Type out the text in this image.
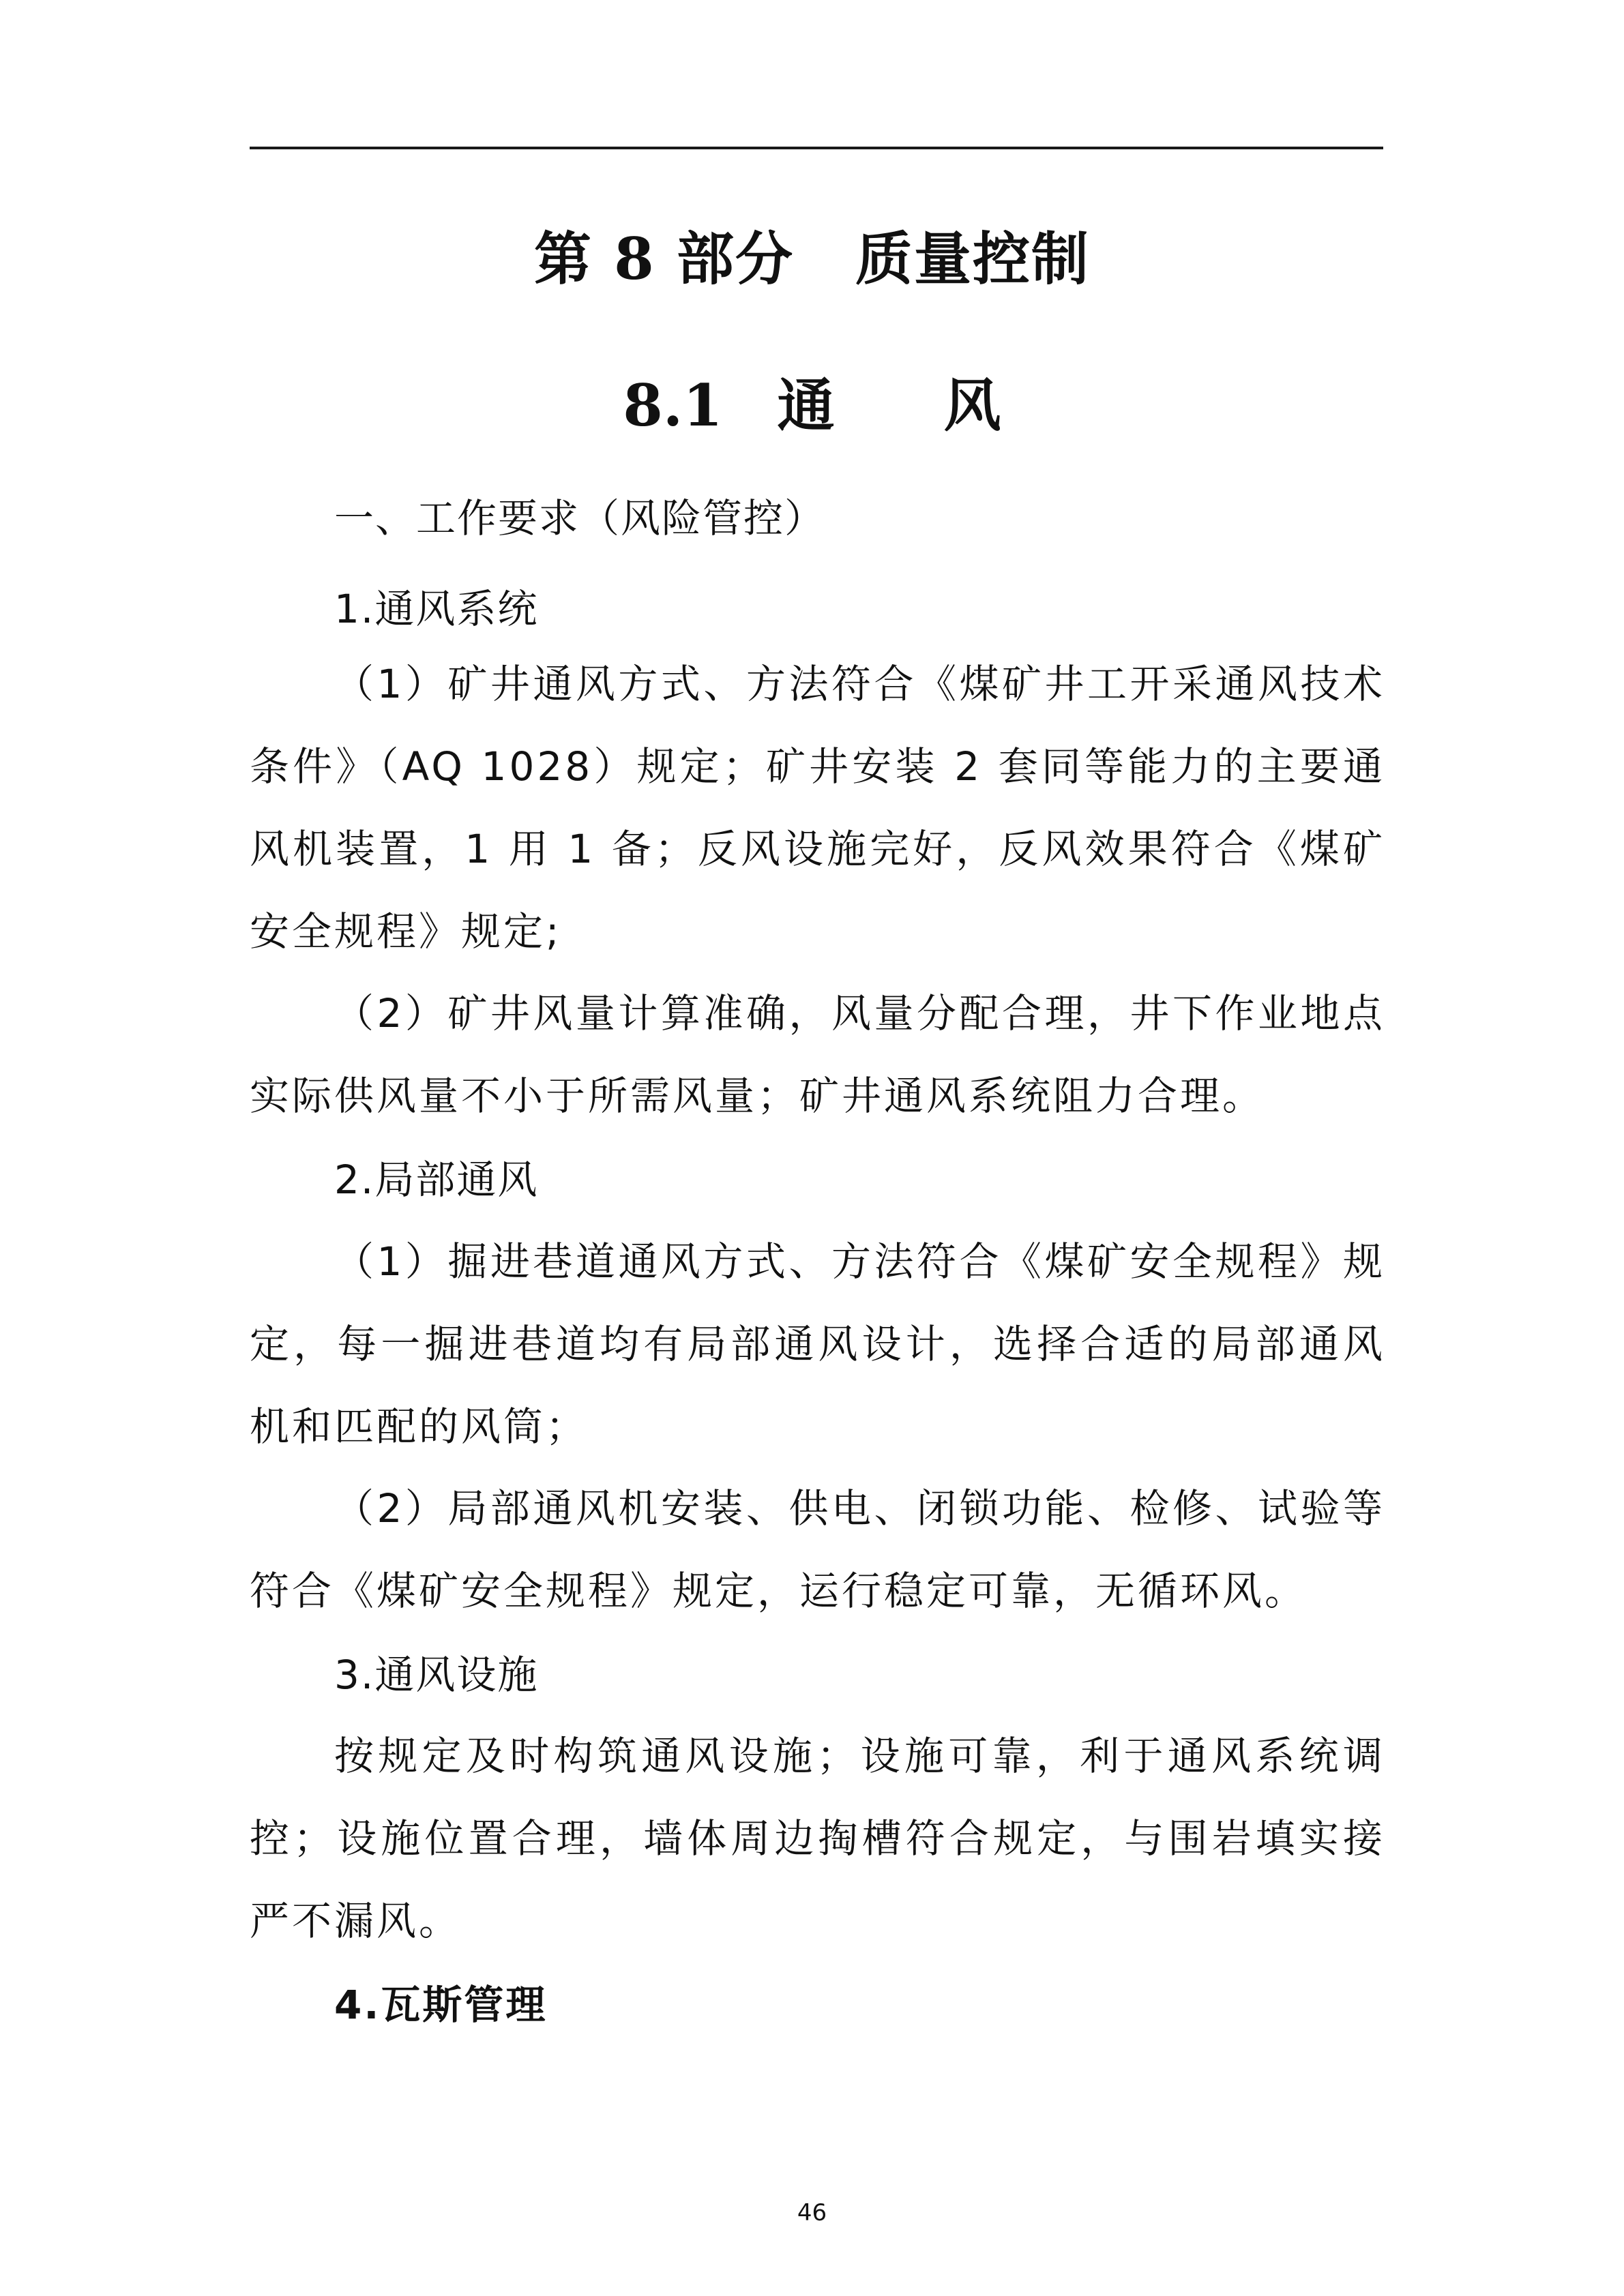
第 8 部分 质量控制
8.1 通 风
一、工作要求（风险管控）
1.通风系统
（1）矿井通风方式、方法符合《煤矿井工开采通风技术条件》（AQ 1028）规定；矿井安装 2 套同等能力的主要通风机装置，1 用 1 备；反风设施完好，反风效果符合《煤矿安全规程》规定;
（2）矿井风量计算准确，风量分配合理，井下作业地点实际供风量不小于所需风量；矿井通风系统阻力合理。
2.局部通风
（1）掘进巷道通风方式、方法符合《煤矿安全规程》规定，每一掘进巷道均有局部通风设计，选择合适的局部通风机和匹配的风筒；
（2）局部通风机安装、供电、闭锁功能、检修、试验等符合《煤矿安全规程》规定，运行稳定可靠，无循环风。
3.通风设施
按规定及时构筑通风设施；设施可靠，利于通风系统调控；设施位置合理，墙体周边掏槽符合规定，与围岩填实接严不漏风。
4.瓦斯管理
46
